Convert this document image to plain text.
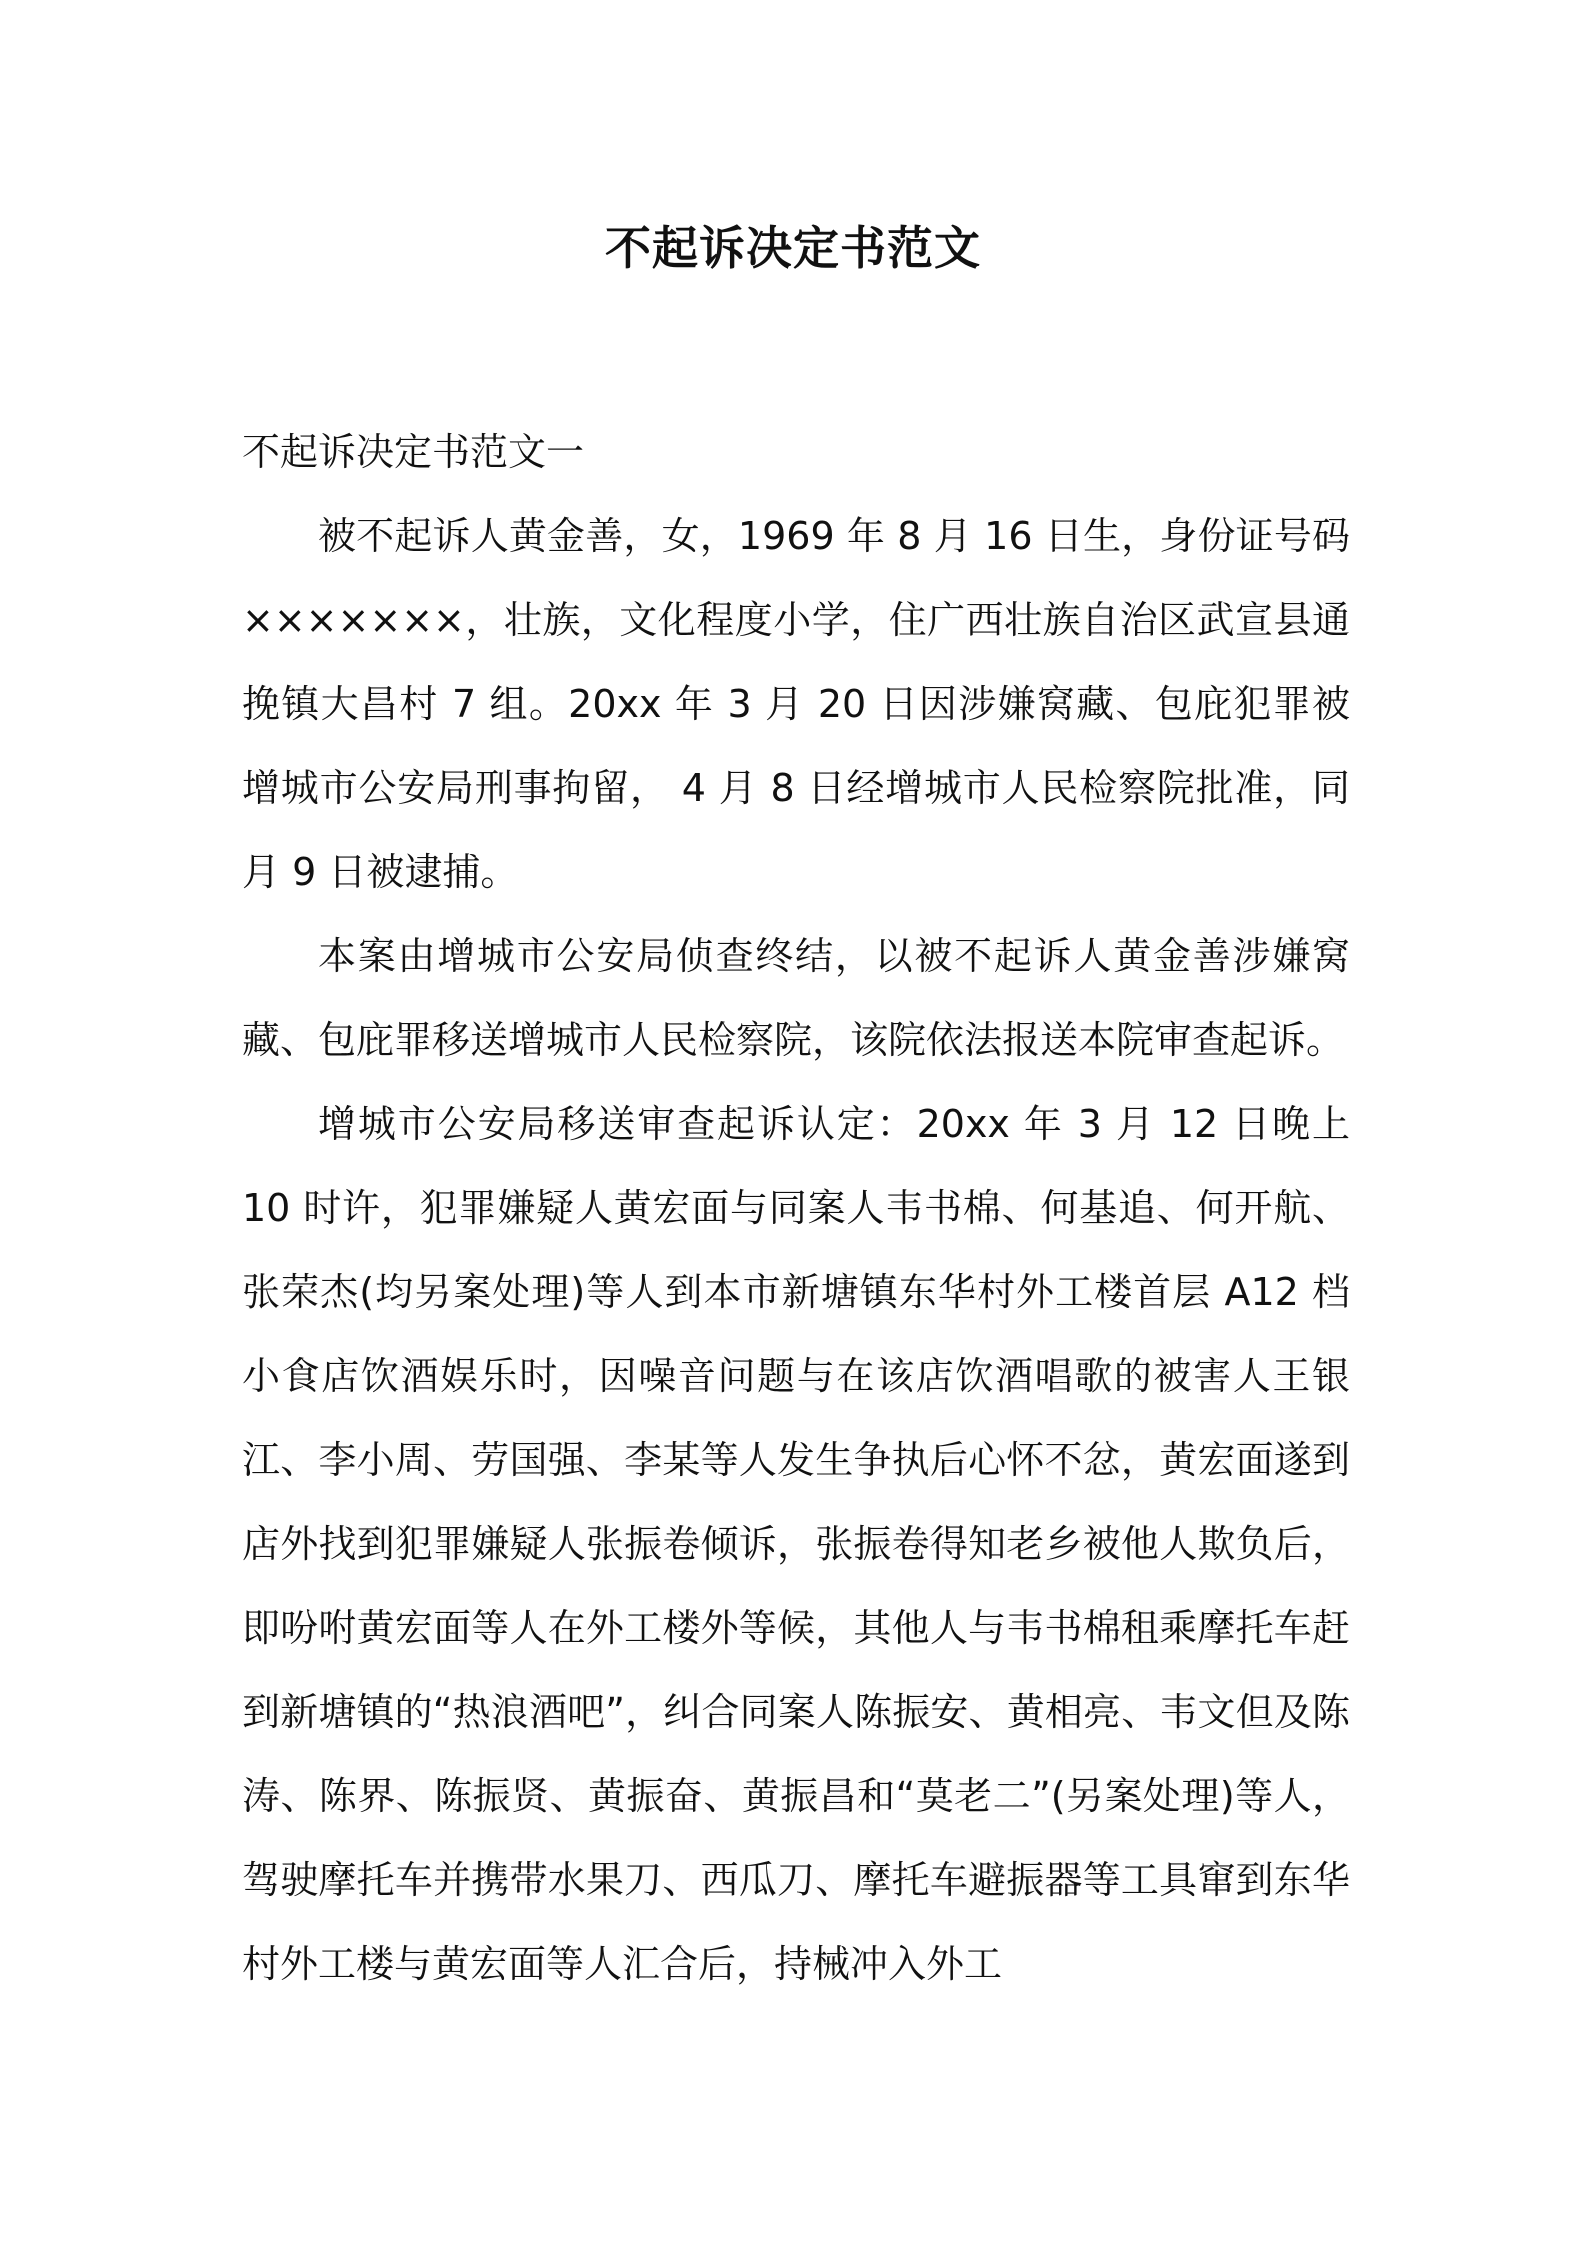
不起诉决定书范文
不起诉决定书范文一

被不起诉人黄金善，女，1969 年 8 月 16 日生，身份证号码×××××××，壮族，文化程度小学，住广西壮族自治区武宣县通挽镇大昌村 7 组。20xx 年 3 月 20 日因涉嫌窝藏、包庇犯罪被增城市公安局刑事拘留， 4 月 8 日经增城市人民检察院批准，同月 9 日被逮捕。

本案由增城市公安局侦查终结，以被不起诉人黄金善涉嫌窝藏、包庇罪移送增城市人民检察院，该院依法报送本院审查起诉。

增城市公安局移送审查起诉认定：20xx 年 3 月 12 日晚上 10 时许，犯罪嫌疑人黄宏面与同案人韦书棉、何基追、何开航、张荣杰(均另案处理)等人到本市新塘镇东华村外工楼首层 A12 档小食店饮酒娱乐时，因噪音问题与在该店饮酒唱歌的被害人王银江、李小周、劳国强、李某等人发生争执后心怀不忿，黄宏面遂到店外找到犯罪嫌疑人张振卷倾诉，张振卷得知老乡被他人欺负后，即吩咐黄宏面等人在外工楼外等候，其他人与韦书棉租乘摩托车赶到新塘镇的“热浪酒吧”，纠合同案人陈振安、黄相亮、韦文但及陈涛、陈界、陈振贤、黄振奋、黄振昌和“莫老二”(另案处理)等人，驾驶摩托车并携带水果刀、西瓜刀、摩托车避振器等工具窜到东华村外工楼与黄宏面等人汇合后，持械冲入外工
